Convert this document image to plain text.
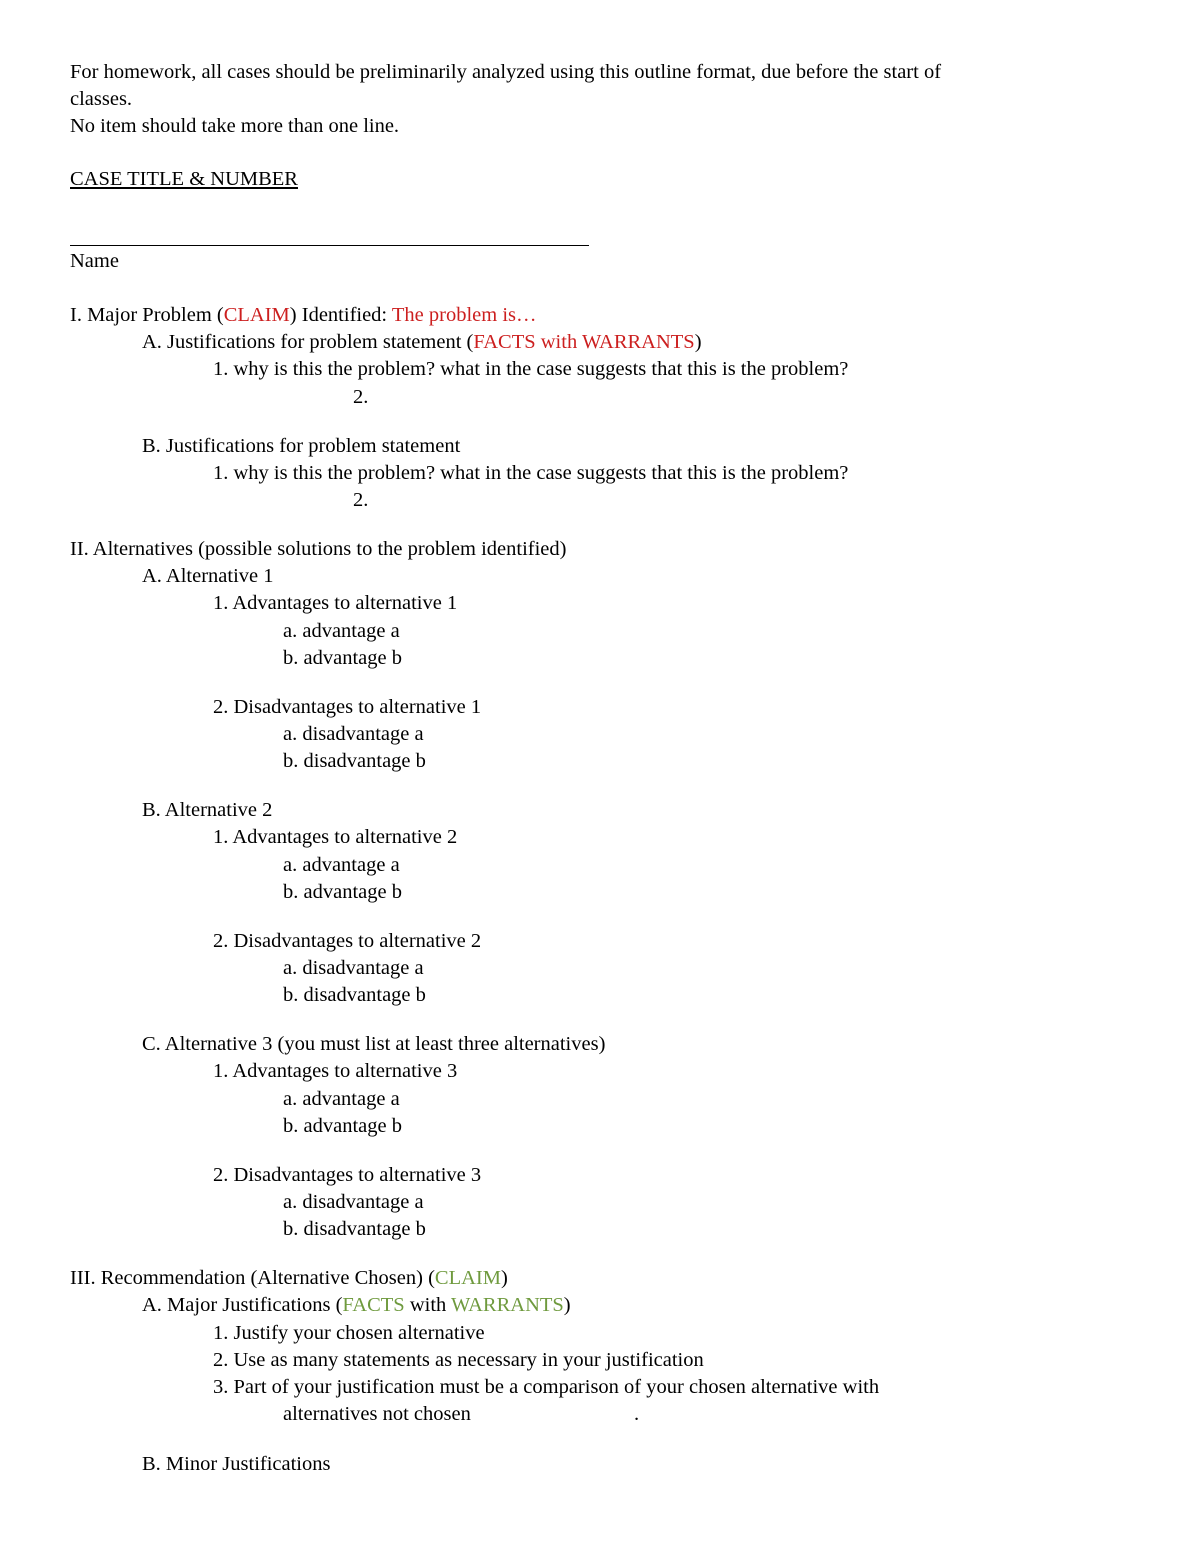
For homework, all cases should be preliminarily analyzed using this outline format, due before the start of
classes.
No item should take more than one line.
CASE TITLE & NUMBER
Name
I. Major Problem (CLAIM) Identified: The problem is…
A. Justifications for problem statement (FACTS with WARRANTS)
1. why is this the problem? what in the case suggests that this is the problem?
2.
B. Justifications for problem statement
1. why is this the problem? what in the case suggests that this is the problem?
2.
II. Alternatives (possible solutions to the problem identified)
A. Alternative 1
1. Advantages to alternative 1
a. advantage a
b. advantage b
2. Disadvantages to alternative 1
a. disadvantage a
b. disadvantage b
B. Alternative 2
1. Advantages to alternative 2
a. advantage a
b. advantage b
2. Disadvantages to alternative 2
a. disadvantage a
b. disadvantage b
C. Alternative 3 (you must list at least three alternatives)
1. Advantages to alternative 3
a. advantage a
b. advantage b
2. Disadvantages to alternative 3
a. disadvantage a
b. disadvantage b
III. Recommendation (Alternative Chosen) (CLAIM)
A. Major Justifications (FACTS with WARRANTS)
1. Justify your chosen alternative
2. Use as many statements as necessary in your justification
3. Part of your justification must be a comparison of your chosen alternative with
alternatives not chosen	.
B. Minor Justifications
